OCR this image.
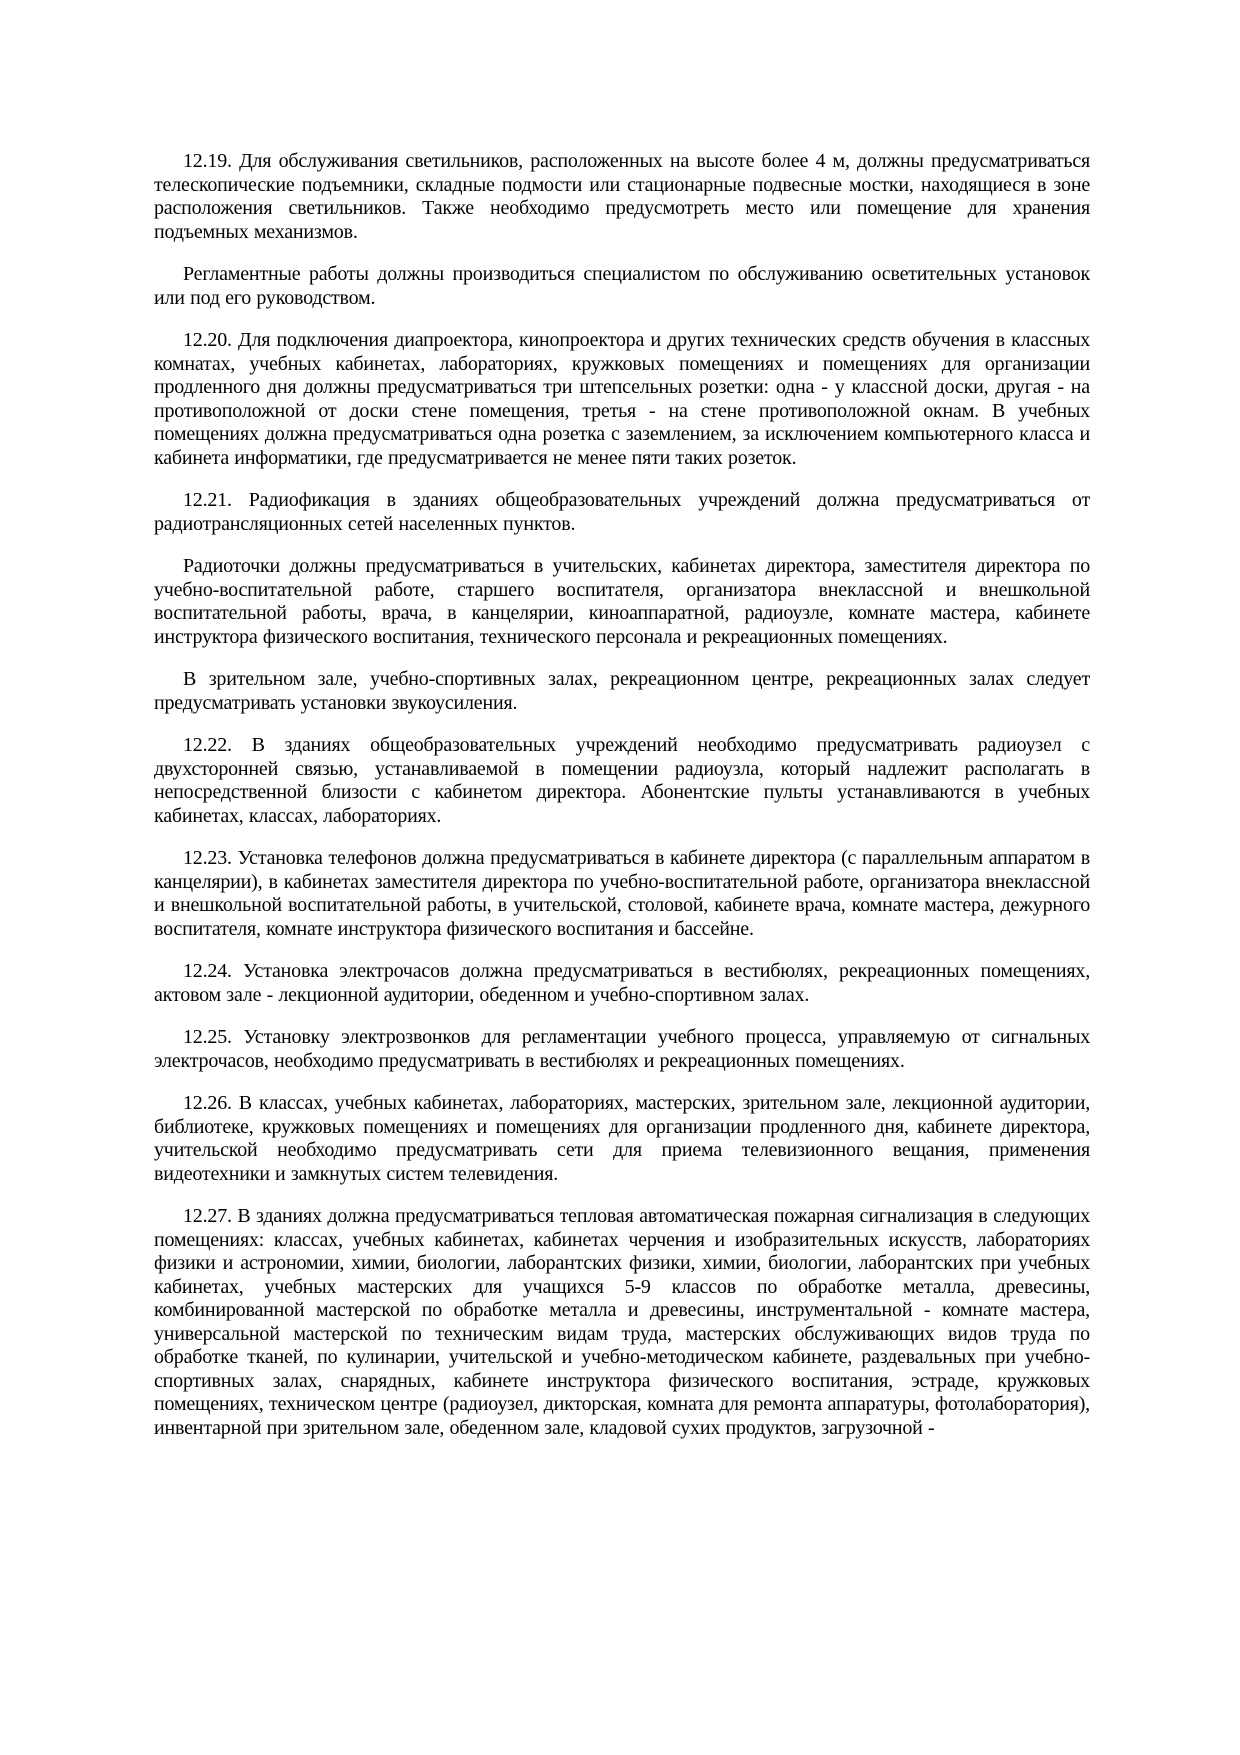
12.19. Для обслуживания светильников, расположенных на высоте более 4 м, должны предусматриваться телескопические подъемники, складные подмости или стационарные подвесные мостки, находящиеся в зоне расположения светильников. Также необходимо предусмотреть место или помещение для хранения подъемных механизмов.

Регламентные работы должны производиться специалистом по обслуживанию осветительных установок или под его руководством.

12.20. Для подключения диапроектора, кинопроектора и других технических средств обучения в классных комнатах, учебных кабинетах, лабораториях, кружковых помещениях и помещениях для организации продленного дня должны предусматриваться три штепсельных розетки: одна - у классной доски, другая - на противоположной от доски стене помещения, третья - на стене противоположной окнам. В учебных помещениях должна предусматриваться одна розетка с заземлением, за исключением компьютерного класса и кабинета информатики, где предусматривается не менее пяти таких розеток.

12.21. Радиофикация в зданиях общеобразовательных учреждений должна предусматриваться от радиотрансляционных сетей населенных пунктов.

Радиоточки должны предусматриваться в учительских, кабинетах директора, заместителя директора по учебно-воспитательной работе, старшего воспитателя, организатора внеклассной и внешкольной воспитательной работы, врача, в канцелярии, киноаппаратной, радиоузле, комнате мастера, кабинете инструктора физического воспитания, технического персонала и рекреационных помещениях.

В зрительном зале, учебно-спортивных залах, рекреационном центре, рекреационных залах следует предусматривать установки звукоусиления.

12.22. В зданиях общеобразовательных учреждений необходимо предусматривать радиоузел с двухсторонней связью, устанавливаемой в помещении радиоузла, который надлежит располагать в непосредственной близости с кабинетом директора. Абонентские пульты устанавливаются в учебных кабинетах, классах, лабораториях.

12.23. Установка телефонов должна предусматриваться в кабинете директора (с параллельным аппаратом в канцелярии), в кабинетах заместителя директора по учебно-воспитательной работе, организатора внеклассной и внешкольной воспитательной работы, в учительской, столовой, кабинете врача, комнате мастера, дежурного воспитателя, комнате инструктора физического воспитания и бассейне.

12.24. Установка электрочасов должна предусматриваться в вестибюлях, рекреационных помещениях, актовом зале - лекционной аудитории, обеденном и учебно-спортивном залах.

12.25. Установку электрозвонков для регламентации учебного процесса, управляемую от сигнальных электрочасов, необходимо предусматривать в вестибюлях и рекреационных помещениях.

12.26. В классах, учебных кабинетах, лабораториях, мастерских, зрительном зале, лекционной аудитории, библиотеке, кружковых помещениях и помещениях для организации продленного дня, кабинете директора, учительской необходимо предусматривать сети для приема телевизионного вещания, применения видеотехники и замкнутых систем телевидения.

12.27. В зданиях должна предусматриваться тепловая автоматическая пожарная сигнализация в следующих помещениях: классах, учебных кабинетах, кабинетах черчения и изобразительных искусств, лабораториях физики и астрономии, химии, биологии, лаборантских физики, химии, биологии, лаборантских при учебных кабинетах, учебных мастерских для учащихся 5-9 классов по обработке металла, древесины, комбинированной мастерской по обработке металла и древесины, инструментальной - комнате мастера, универсальной мастерской по техническим видам труда, мастерских обслуживающих видов труда по обработке тканей, по кулинарии, учительской и учебно-методическом кабинете, раздевальных при учебно-спортивных залах, снарядных, кабинете инструктора физического воспитания, эстраде, кружковых помещениях, техническом центре (радиоузел, дикторская, комната для ремонта аппаратуры, фотолаборатория), инвентарной при зрительном зале, обеденном зале, кладовой сухих продуктов, загрузочной -
